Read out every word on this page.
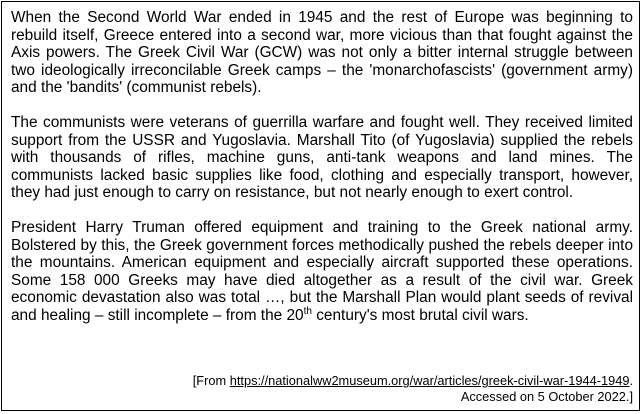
When the Second World War ended in 1945 and the rest of Europe was beginning to rebuild itself, Greece entered into a second war, more vicious than that fought against the Axis powers. The Greek Civil War (GCW) was not only a bitter internal struggle between two ideologically irreconcilable Greek camps – the 'monarchofascists' (government army) and the 'bandits' (communist rebels).

The communists were veterans of guerrilla warfare and fought well. They received limited support from the USSR and Yugoslavia. Marshall Tito (of Yugoslavia) supplied the rebels with thousands of rifles, machine guns, anti-tank weapons and land mines. The communists lacked basic supplies like food, clothing and especially transport, however, they had just enough to carry on resistance, but not nearly enough to exert control.

President Harry Truman offered equipment and training to the Greek national army. Bolstered by this, the Greek government forces methodically pushed the rebels deeper into the mountains. American equipment and especially aircraft supported these operations. Some 158 000 Greeks may have died altogether as a result of the civil war. Greek economic devastation also was total …, but the Marshall Plan would plant seeds of revival and healing – still incomplete – from the 20th century's most brutal civil wars.

[From https://nationalww2museum.org/war/articles/greek-civil-war-1944-1949.
Accessed on 5 October 2022.]
